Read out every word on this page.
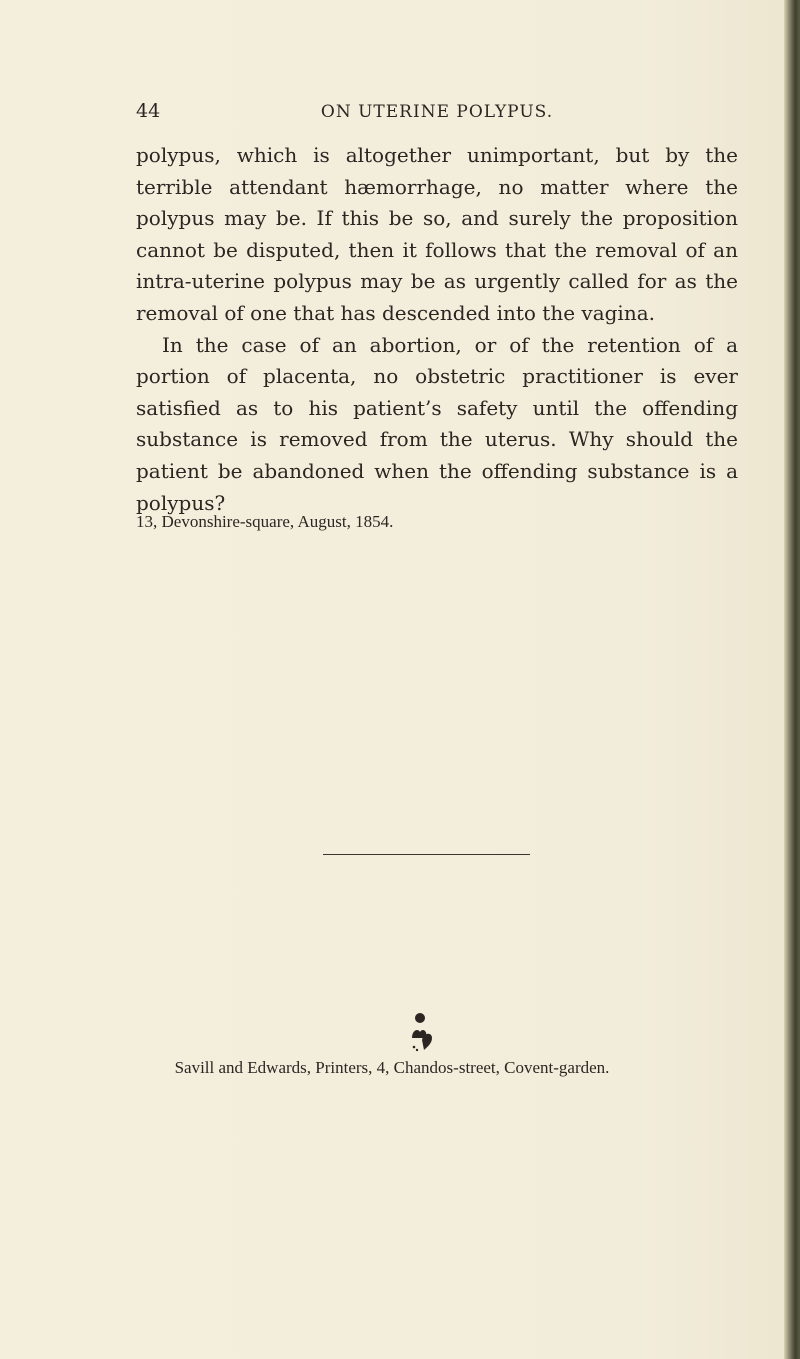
44	ON UTERINE POLYPUS.

polypus, which is altogether unimportant, but by the terrible attendant hæmorrhage, no matter where the polypus may be. If this be so, and surely the proposition cannot be disputed, then it follows that the removal of an intra-uterine polypus may be as urgently called for as the removal of one that has descended into the vagina.

In the case of an abortion, or of the retention of a portion of placenta, no obstetric practitioner is ever satisfied as to his patient’s safety until the offending substance is removed from the uterus. Why should the patient be abandoned when the offending substance is a polypus?

13, Devonshire-square, August, 1854.
Savill and Edwards, Printers, 4, Chandos-street, Covent-garden.
